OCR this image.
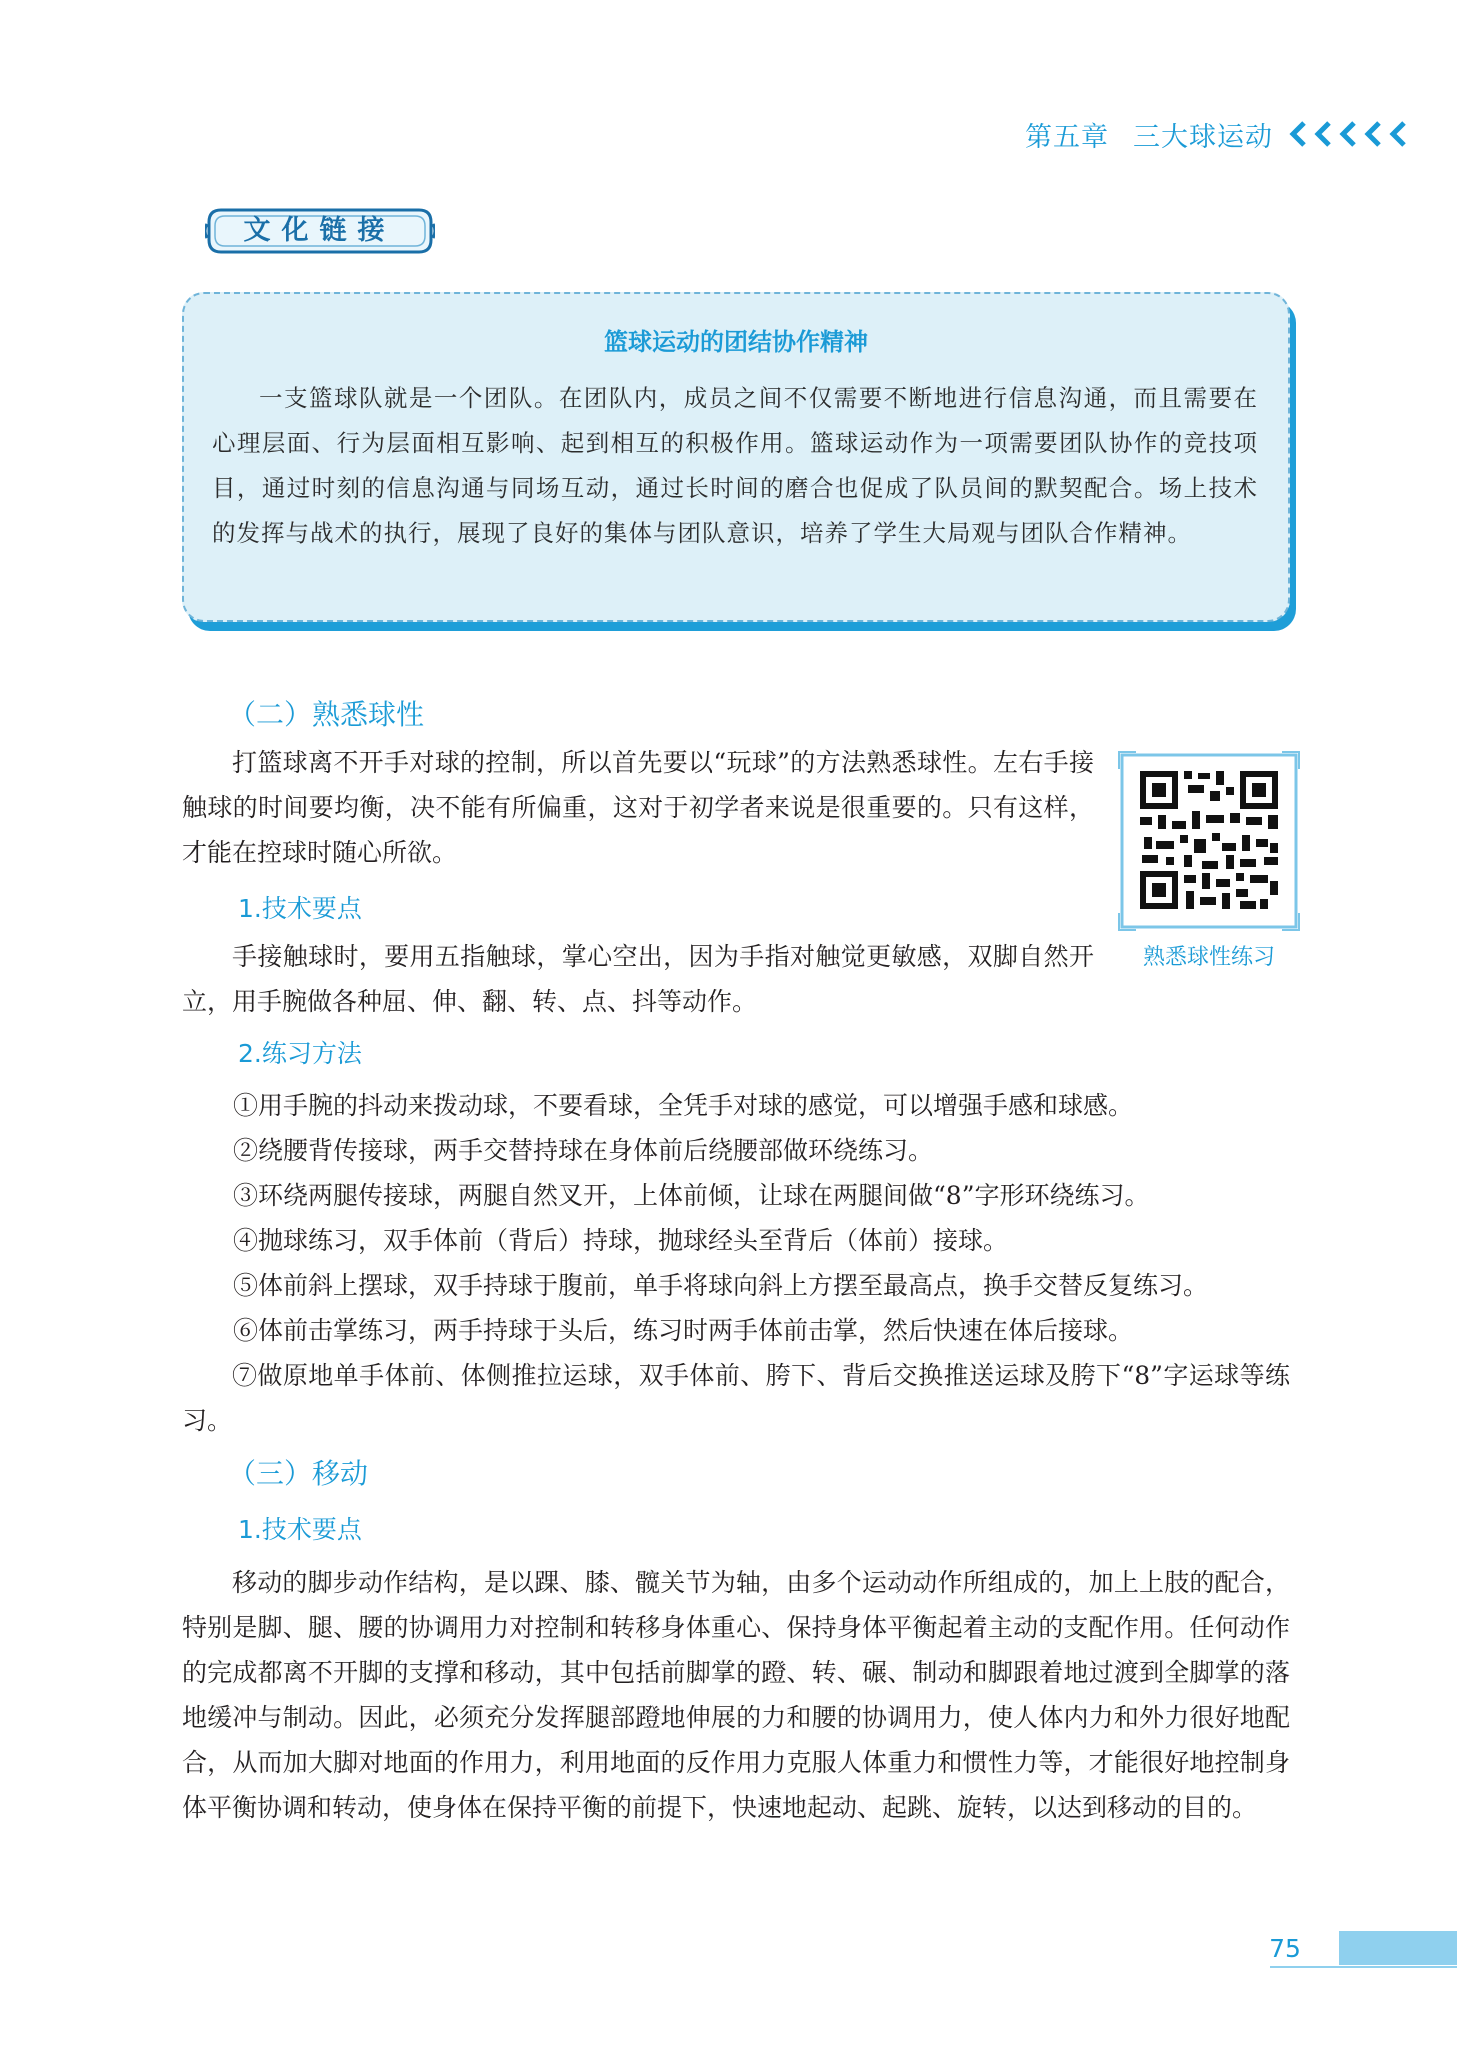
第五章 三大球运动
文化链接
篮球运动的团结协作精神
一支篮球队就是一个团队。在团队内，成员之间不仅需要不断地进行信息沟通，而且需要在心理层面、行为层面相互影响、起到相互的积极作用。篮球运动作为一项需要团队协作的竞技项目，通过时刻的信息沟通与同场互动，通过长时间的磨合也促成了队员间的默契配合。场上技术的发挥与战术的执行，展现了良好的集体与团队意识，培养了学生大局观与团队合作精神。
（二）熟悉球性
打篮球离不开手对球的控制，所以首先要以“玩球”的方法熟悉球性。左右手接触球的时间要均衡，决不能有所偏重，这对于初学者来说是很重要的。只有这样，才能在控球时随心所欲。
熟悉球性练习
1.技术要点
手接触球时，要用五指触球，掌心空出，因为手指对触觉更敏感，双脚自然开立，用手腕做各种屈、伸、翻、转、点、抖等动作。
2.练习方法
①用手腕的抖动来拨动球，不要看球，全凭手对球的感觉，可以增强手感和球感。
②绕腰背传接球，两手交替持球在身体前后绕腰部做环绕练习。
③环绕两腿传接球，两腿自然叉开，上体前倾，让球在两腿间做“8”字形环绕练习。
④抛球练习，双手体前（背后）持球，抛球经头至背后（体前）接球。
⑤体前斜上摆球，双手持球于腹前，单手将球向斜上方摆至最高点，换手交替反复练习。
⑥体前击掌练习，两手持球于头后，练习时两手体前击掌，然后快速在体后接球。
⑦做原地单手体前、体侧推拉运球，双手体前、胯下、背后交换推送运球及胯下“8”字运球等练习。
（三）移动
1.技术要点
移动的脚步动作结构，是以踝、膝、髋关节为轴，由多个运动动作所组成的，加上上肢的配合，特别是脚、腿、腰的协调用力对控制和转移身体重心、保持身体平衡起着主动的支配作用。任何动作的完成都离不开脚的支撑和移动，其中包括前脚掌的蹬、转、碾、制动和脚跟着地过渡到全脚掌的落地缓冲与制动。因此，必须充分发挥腿部蹬地伸展的力和腰的协调用力，使人体内力和外力很好地配合，从而加大脚对地面的作用力，利用地面的反作用力克服人体重力和惯性力等，才能很好地控制身体平衡协调和转动，使身体在保持平衡的前提下，快速地起动、起跳、旋转，以达到移动的目的。
75
